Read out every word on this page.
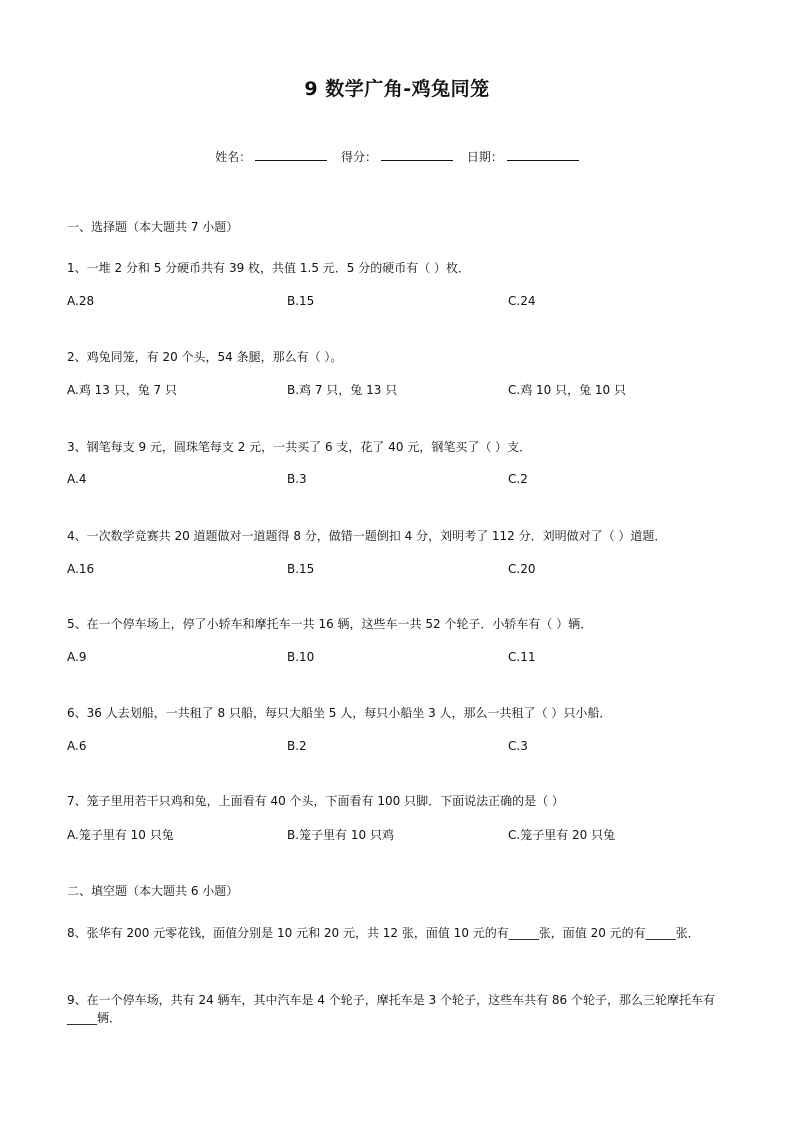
9 数学广角-鸡兔同笼
姓名：	得分：	日期：
一、选择题（本大题共 7 小题）
1、一堆 2 分和 5 分硬币共有 39 枚，共值 1.5 元．5 分的硬币有（ ）枚．
A.28	B.15	C.24
2、鸡兔同笼，有 20 个头，54 条腿，那么有（ ）。
A.鸡 13 只，兔 7 只	B.鸡 7 只，兔 13 只	C.鸡 10 只，兔 10 只
3、钢笔每支 9 元，圆珠笔每支 2 元，一共买了 6 支，花了 40 元，钢笔买了（ ）支．
A.4	B.3	C.2
4、一次数学竞赛共 20 道题做对一道题得 8 分，做错一题倒扣 4 分，刘明考了 112 分．刘明做对了（ ）道题．
A.16	B.15	C.20
5、在一个停车场上，停了小轿车和摩托车一共 16 辆，这些车一共 52 个轮子．小轿车有（ ）辆．
A.9	B.10	C.11
6、36 人去划船，一共租了 8 只船，每只大船坐 5 人，每只小船坐 3 人，那么一共租了（ ）只小船．
A.6	B.2	C.3
7、笼子里用若干只鸡和兔，上面看有 40 个头，下面看有 100 只脚．下面说法正确的是（ ）
A.笼子里有 10 只兔	B.笼子里有 10 只鸡	C.笼子里有 20 只兔
二、填空题（本大题共 6 小题）
8、张华有 200 元零花钱，面值分别是 10 元和 20 元，共 12 张，面值 10 元的有_____张，面值 20 元的有_____张．
9、在一个停车场，共有 24 辆车，其中汽车是 4 个轮子，摩托车是 3 个轮子，这些车共有 86 个轮子，那么三轮摩托车有_____辆．
